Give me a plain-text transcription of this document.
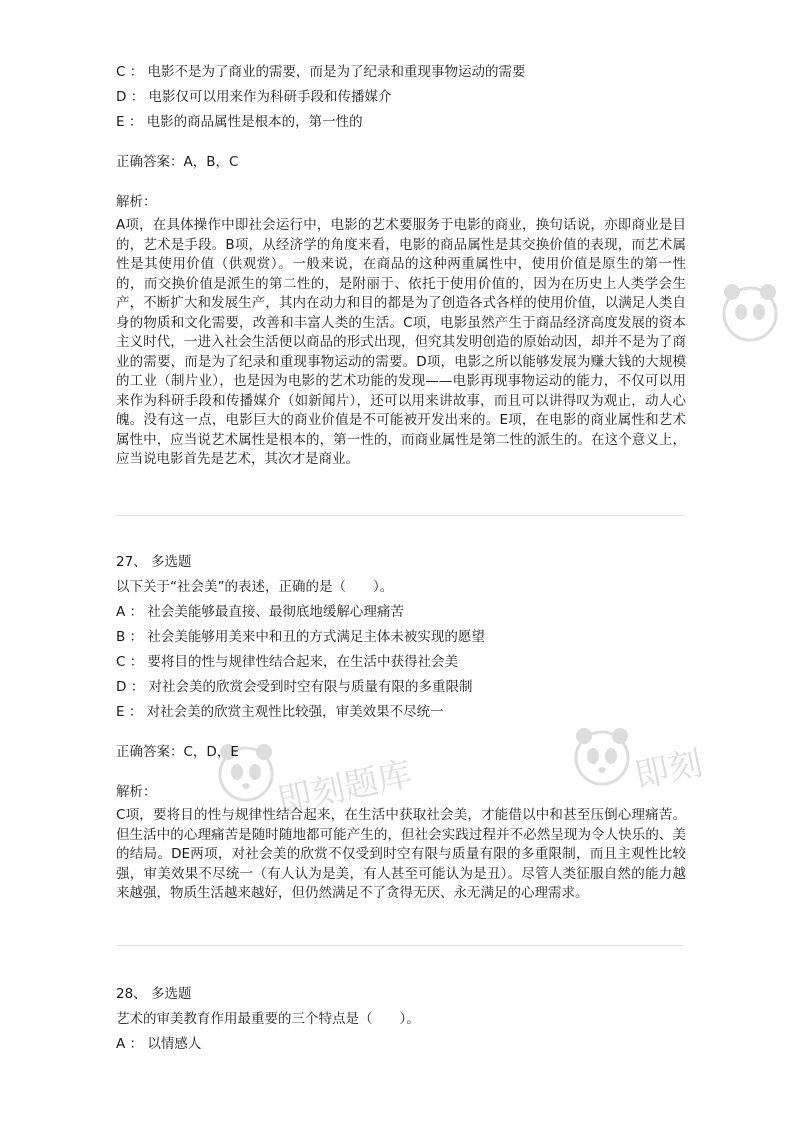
C ： 电影不是为了商业的需要，而是为了纪录和重现事物运动的需要
D ： 电影仅可以用来作为科研手段和传播媒介
E ： 电影的商品属性是根本的，第一性的
正确答案：A，B，C
解析：
A项，在具体操作中即社会运行中，电影的艺术要服务于电影的商业，换句话说，亦即商业是目的，艺术是手段。B项，从经济学的角度来看，电影的商品属性是其交换价值的表现，而艺术属性是其使用价值（供观赏）。一般来说，在商品的这种两重属性中，使用价值是原生的第一性的，而交换价值是派生的第二性的，是附丽于、依托于使用价值的，因为在历史上人类学会生产，不断扩大和发展生产，其内在动力和目的都是为了创造各式各样的使用价值，以满足人类自身的物质和文化需要，改善和丰富人类的生活。C项，电影虽然产生于商品经济高度发展的资本主义时代，一进入社会生活便以商品的形式出现，但究其发明创造的原始动因，却并不是为了商业的需要，而是为了纪录和重现事物运动的需要。D项，电影之所以能够发展为赚大钱的大规模的工业（制片业），也是因为电影的艺术功能的发现——电影再现事物运动的能力，不仅可以用来作为科研手段和传播媒介（如新闻片），还可以用来讲故事，而且可以讲得叹为观止，动人心魄。没有这一点，电影巨大的商业价值是不可能被开发出来的。E项，在电影的商业属性和艺术属性中，应当说艺术属性是根本的，第一性的，而商业属性是第二性的派生的。在这个意义上，应当说电影首先是艺术，其次才是商业。
27、 多选题
以下关于“社会美”的表述，正确的是（　　）。
A ： 社会美能够最直接、最彻底地缓解心理痛苦
B ： 社会美能够用美来中和丑的方式满足主体未被实现的愿望
C ： 要将目的性与规律性结合起来，在生活中获得社会美
D ： 对社会美的欣赏会受到时空有限与质量有限的多重限制
E ： 对社会美的欣赏主观性比较强，审美效果不尽统一
正确答案：C，D，E
解析：
C项，要将目的性与规律性结合起来，在生活中获取社会美，才能借以中和甚至压倒心理痛苦。但生活中的心理痛苦是随时随地都可能产生的，但社会实践过程并不必然呈现为令人快乐的、美的结局。DE两项，对社会美的欣赏不仅受到时空有限与质量有限的多重限制，而且主观性比较强，审美效果不尽统一（有人认为是美，有人甚至可能认为是丑）。尽管人类征服自然的能力越来越强，物质生活越来越好，但仍然满足不了贪得无厌、永无满足的心理需求。
28、 多选题
艺术的审美教育作用最重要的三个特点是（　　）。
A ： 以情感人
即刻题库	即刻
